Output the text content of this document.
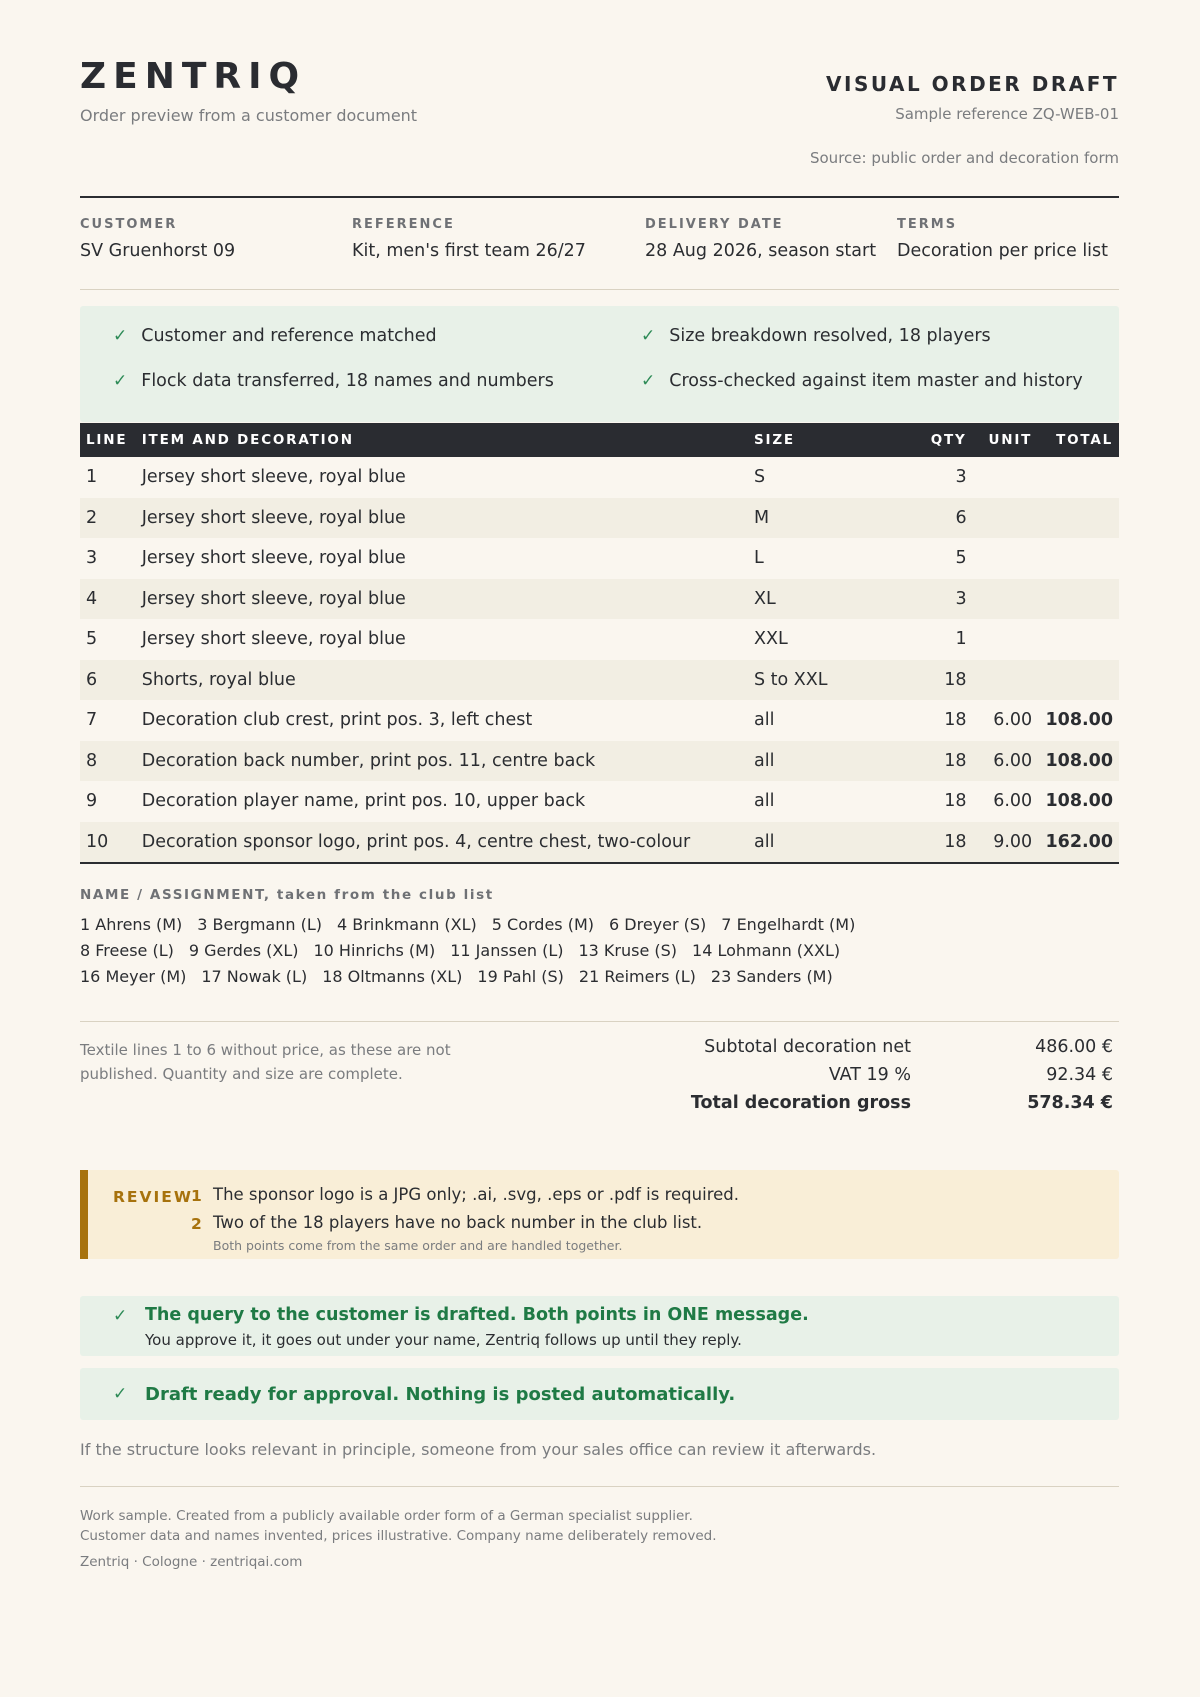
ZENTRIQ
Order preview from a customer document
VISUAL ORDER DRAFT
Sample reference ZQ-WEB-01
Source: public order and decoration form
CUSTOMER
SV Gruenhorst 09
REFERENCE
Kit, men's first team 26/27
DELIVERY DATE
28 Aug 2026, season start
TERMS
Decoration per price list
✓ Customer and reference matched	✓ Size breakdown resolved, 18 players
✓ Flock data transferred, 18 names and numbers	✓ Cross-checked against item master and history
LINE	ITEM AND DECORATION	SIZE	QTY	UNIT	TOTAL
1	Jersey short sleeve, royal blue	S	3		
2	Jersey short sleeve, royal blue	M	6		
3	Jersey short sleeve, royal blue	L	5		
4	Jersey short sleeve, royal blue	XL	3		
5	Jersey short sleeve, royal blue	XXL	1		
6	Shorts, royal blue	S to XXL	18		
7	Decoration club crest, print pos. 3, left chest	all	18	6.00	108.00
8	Decoration back number, print pos. 11, centre back	all	18	6.00	108.00
9	Decoration player name, print pos. 10, upper back	all	18	6.00	108.00
10	Decoration sponsor logo, print pos. 4, centre chest, two-colour	all	18	9.00	162.00
NAME / ASSIGNMENT, taken from the club list
1 Ahrens (M) 3 Bergmann (L) 4 Brinkmann (XL) 5 Cordes (M) 6 Dreyer (S) 7 Engelhardt (M)
8 Freese (L) 9 Gerdes (XL) 10 Hinrichs (M) 11 Janssen (L) 13 Kruse (S) 14 Lohmann (XXL)
16 Meyer (M) 17 Nowak (L) 18 Oltmanns (XL) 19 Pahl (S) 21 Reimers (L) 23 Sanders (M)
Textile lines 1 to 6 without price, as these are not published. Quantity and size are complete.
Subtotal decoration net	486.00 €
VAT 19 %	92.34 €
Total decoration gross	578.34 €
REVIEW
1 The sponsor logo is a JPG only; .ai, .svg, .eps or .pdf is required.
2 Two of the 18 players have no back number in the club list.
Both points come from the same order and are handled together.
✓ The query to the customer is drafted. Both points in ONE message.
You approve it, it goes out under your name, Zentriq follows up until they reply.
✓ Draft ready for approval. Nothing is posted automatically.
If the structure looks relevant in principle, someone from your sales office can review it afterwards.
Work sample. Created from a publicly available order form of a German specialist supplier.
Customer data and names invented, prices illustrative. Company name deliberately removed.
Zentriq · Cologne · zentriqai.com
